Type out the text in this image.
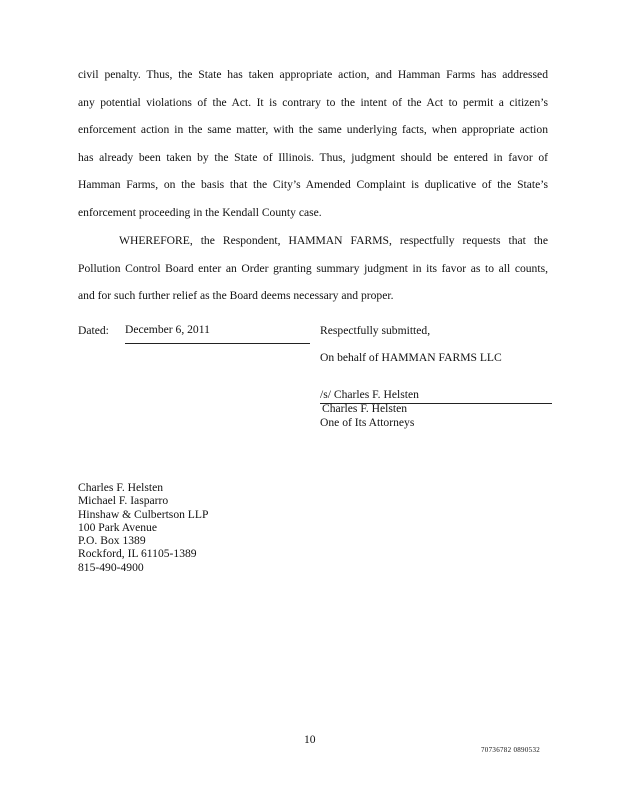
civil penalty. Thus, the State has taken appropriate action, and Hamman Farms has addressed
any potential violations of the Act. It is contrary to the intent of the Act to permit a citizen’s
enforcement action in the same matter, with the same underlying facts, when appropriate action
has already been taken by the State of Illinois. Thus, judgment should be entered in favor of
Hamman Farms, on the basis that the City’s Amended Complaint is duplicative of the State’s
enforcement proceeding in the Kendall County case.
WHEREFORE, the Respondent, HAMMAN FARMS, respectfully requests that the
Pollution Control Board enter an Order granting summary judgment in its favor as to all counts,
and for such further relief as the Board deems necessary and proper.
Dated: December 6, 2011	Respectfully submitted,
On behalf of HAMMAN FARMS LLC
/s/ Charles F. Helsten
Charles F. Helsten
One of Its Attorneys
Charles F. Helsten
Michael F. Iasparro
Hinshaw & Culbertson LLP
100 Park Avenue
P.O. Box 1389
Rockford, IL 61105-1389
815-490-4900
10
70736782 0890532
